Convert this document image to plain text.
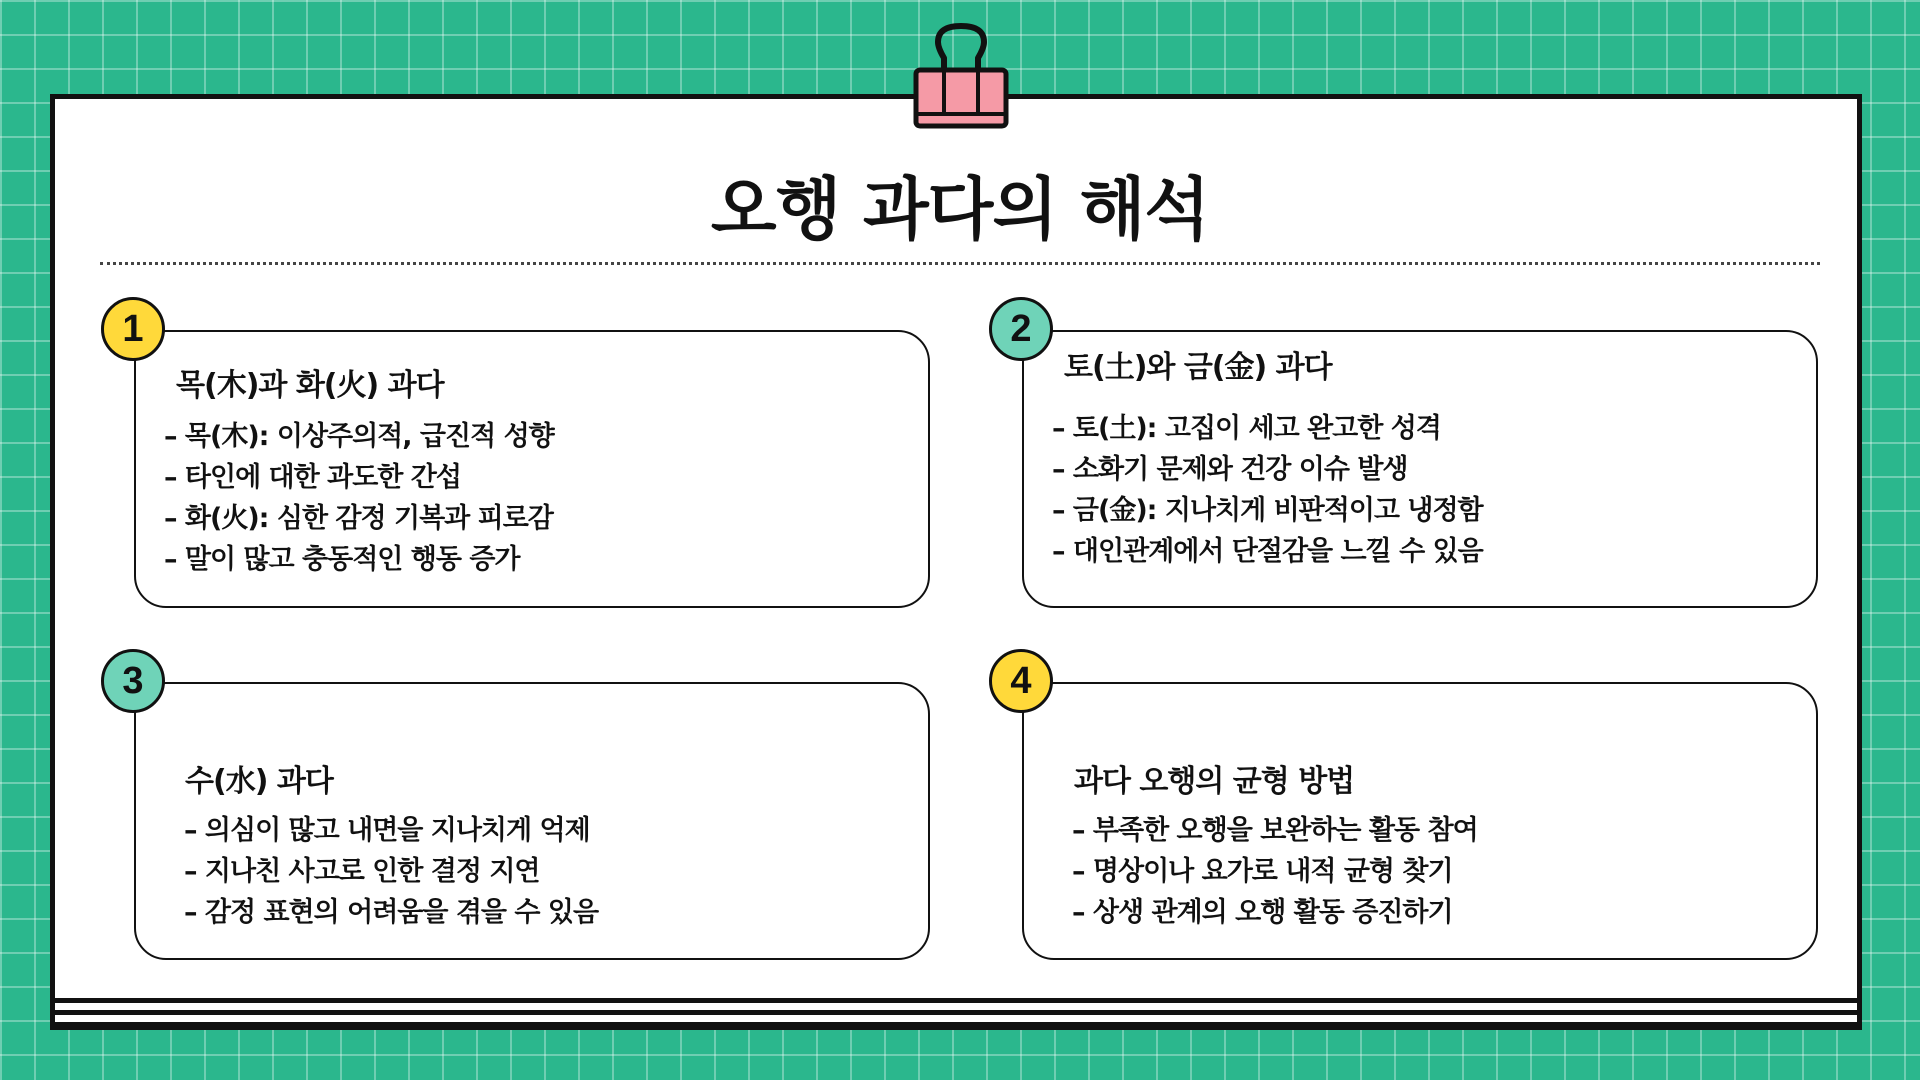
오행 과다의 해석
1
목(木)과 화(火) 과다
– 목(木): 이상주의적, 급진적 성향
– 타인에 대한 과도한 간섭
– 화(火): 심한 감정 기복과 피로감
– 말이 많고 충동적인 행동 증가
2
토(土)와 금(金) 과다
– 토(土): 고집이 세고 완고한 성격
– 소화기 문제와 건강 이슈 발생
– 금(金): 지나치게 비판적이고 냉정함
– 대인관계에서 단절감을 느낄 수 있음
3
수(水) 과다
– 의심이 많고 내면을 지나치게 억제
– 지나친 사고로 인한 결정 지연
– 감정 표현의 어려움을 겪을 수 있음
4
과다 오행의 균형 방법
– 부족한 오행을 보완하는 활동 참여
– 명상이나 요가로 내적 균형 찾기
– 상생 관계의 오행 활동 증진하기
